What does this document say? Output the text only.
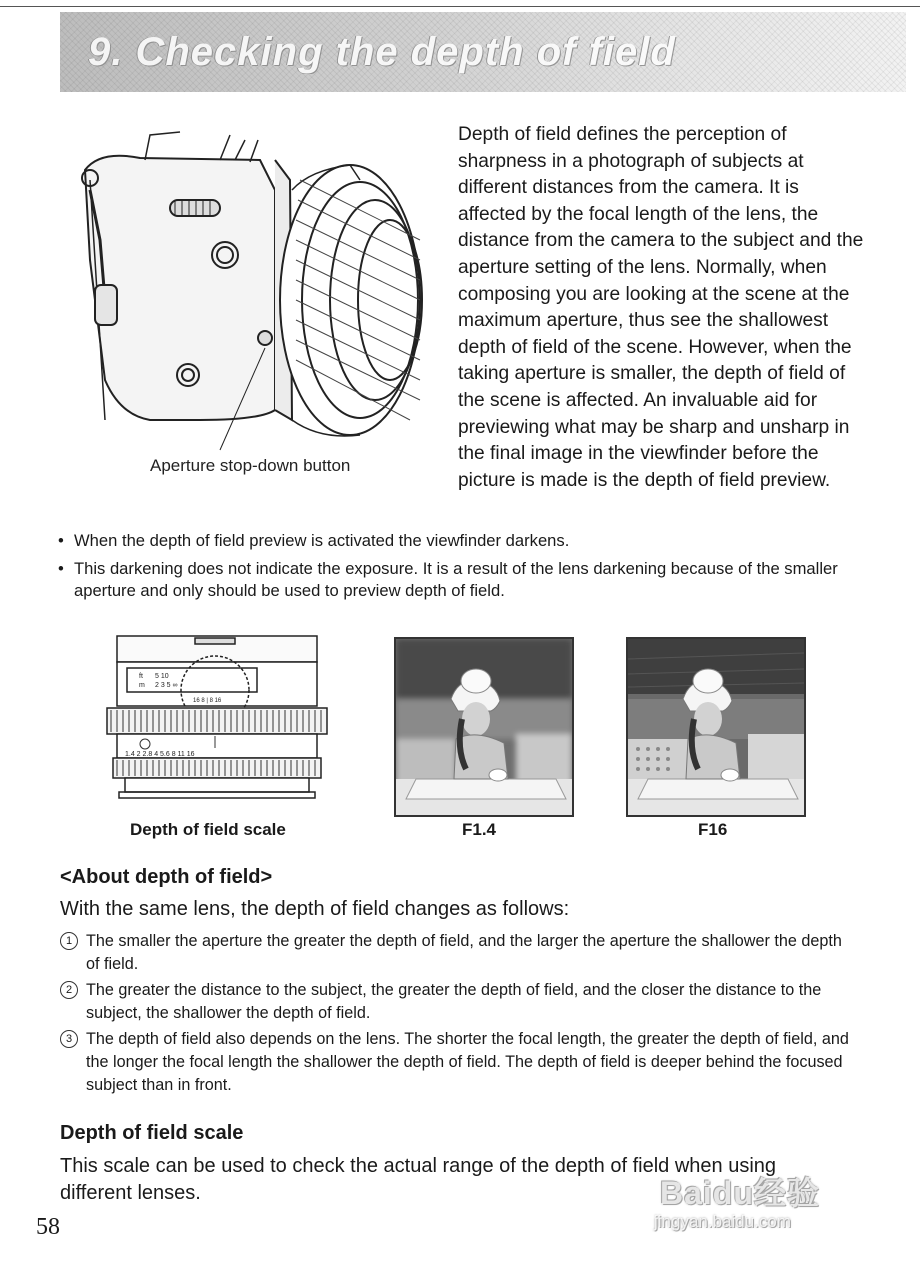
9. Checking the depth of field
Aperture stop-down button
Depth of field defines the perception of sharpness in a photograph of subjects at different distances from the camera. It is affected by the focal length of the lens, the distance from the camera to the subject and the aperture setting of the lens. Normally, when composing you are looking at the scene at the maximum aperture, thus see the shallowest depth of field of the scene. However, when the taking aperture is smaller, the depth of field of the scene is affected. An invaluable aid for previewing what may be sharp and unsharp in the final image in the viewfinder before the picture is made is the depth of field preview.
• When the depth of field preview is activated the viewfinder darkens.
• This darkening does not indicate the exposure. It is a result of the lens darkening because of the smaller aperture and only should be used to preview depth of field.
ft
m
5 10
2 3 5 ∞
16 8 | 8 16
1.4 2 2.8 4 5.6 8 11 16
Depth of field scale	F1.4	F16
<About depth of field>
With the same lens, the depth of field changes as follows:
1 The smaller the aperture the greater the depth of field, and the larger the aperture the shallower the depth of field.
2 The greater the distance to the subject, the greater the depth of field, and the closer the distance to the subject, the shallower the depth of field.
3 The depth of field also depends on the lens. The shorter the focal length, the greater the depth of field, and the longer the focal length the shallower the depth of field. The depth of field is deeper behind the focused subject than in front.
Depth of field scale
This scale can be used to check the actual range of the depth of field when using different lenses.
58
Baidu经验
jingyan.baidu.com
